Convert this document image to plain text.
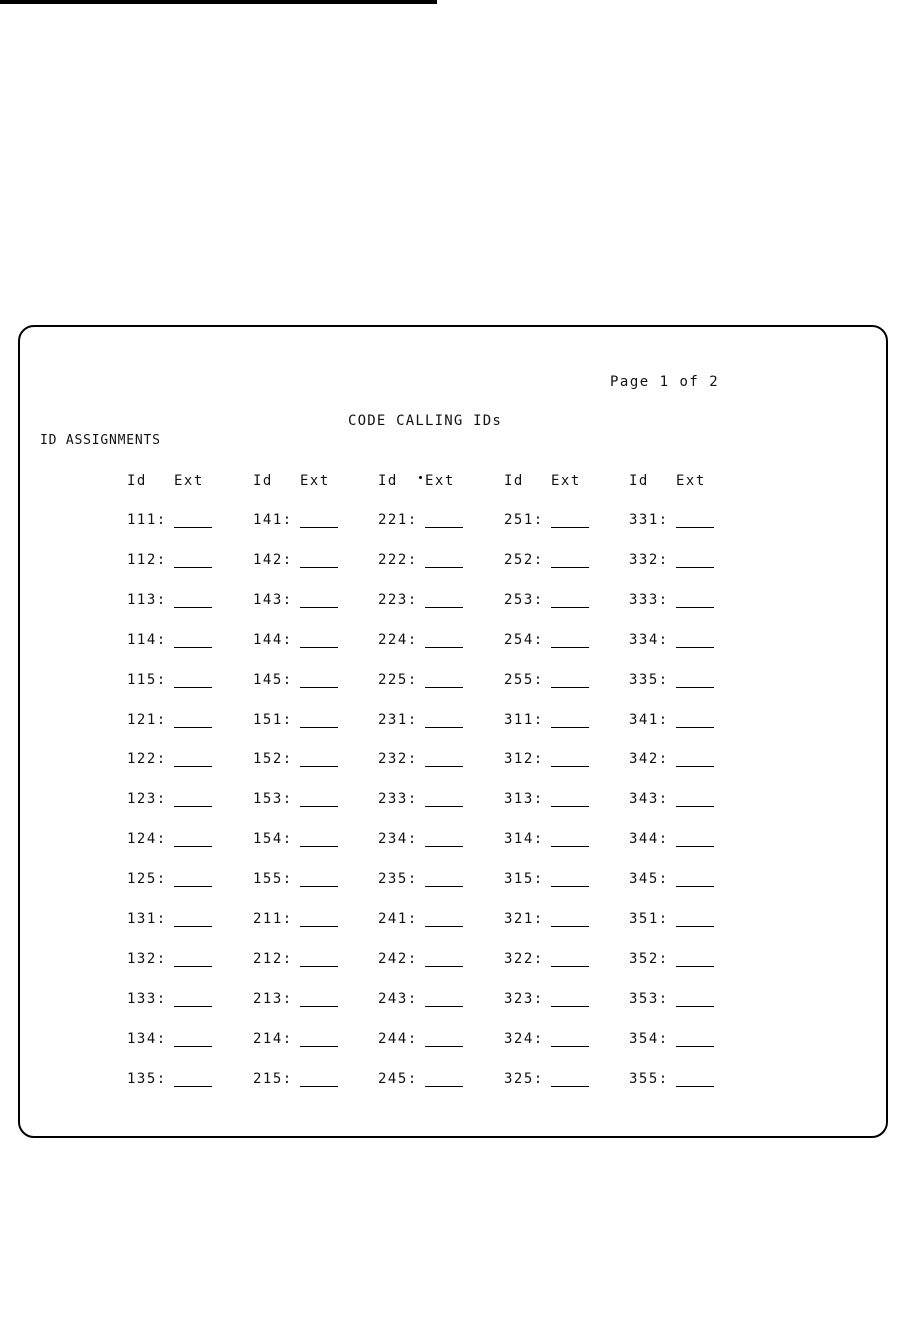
Page 1 of 2
CODE CALLING IDs
ID ASSIGNMENTS
Id Ext	Id Ext	Id Ext	Id Ext	Id Ext
111:	141:	221:	251:	331:
112:	142:	222:	252:	332:
113:	143:	223:	253:	333:
114:	144:	224:	254:	334:
115:	145:	225:	255:	335:
121:	151:	231:	311:	341:
122:	152:	232:	312:	342:
123:	153:	233:	313:	343:
124:	154:	234:	314:	344:
125:	155:	235:	315:	345:
131:	211:	241:	321:	351:
132:	212:	242:	322:	352:
133:	213:	243:	323:	353:
134:	214:	244:	324:	354:
135:	215:	245:	325:	355:
